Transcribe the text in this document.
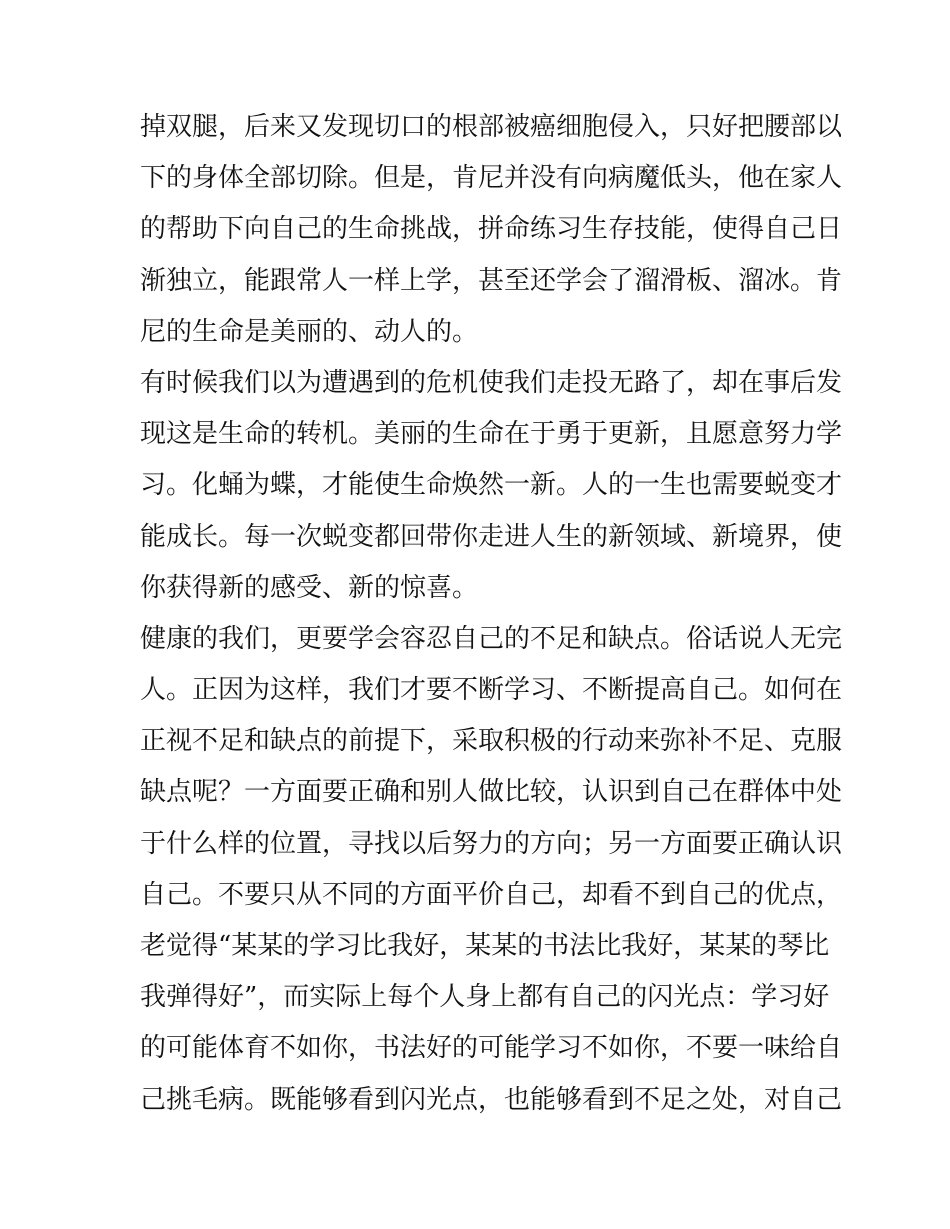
掉双腿，后来又发现切口的根部被癌细胞侵入，只好把腰部以
下的身体全部切除。但是，肯尼并没有向病魔低头，他在家人
的帮助下向自己的生命挑战，拼命练习生存技能，使得自己日
渐独立，能跟常人一样上学，甚至还学会了溜滑板、溜冰。肯
尼的生命是美丽的、动人的。
有时候我们以为遭遇到的危机使我们走投无路了，却在事后发
现这是生命的转机。美丽的生命在于勇于更新，且愿意努力学
习。化蛹为蝶，才能使生命焕然一新。人的一生也需要蜕变才
能成长。每一次蜕变都回带你走进人生的新领域、新境界，使
你获得新的感受、新的惊喜。
健康的我们，更要学会容忍自己的不足和缺点。俗话说人无完
人。正因为这样，我们才要不断学习、不断提高自己。如何在
正视不足和缺点的前提下，采取积极的行动来弥补不足、克服
缺点呢？一方面要正确和别人做比较，认识到自己在群体中处
于什么样的位置，寻找以后努力的方向；另一方面要正确认识
自己。不要只从不同的方面平价自己，却看不到自己的优点，
老觉得“某某的学习比我好，某某的书法比我好，某某的琴比
我弹得好”，而实际上每个人身上都有自己的闪光点：学习好
的可能体育不如你，书法好的可能学习不如你，不要一味给自
己挑毛病。既能够看到闪光点，也能够看到不足之处，对自己
